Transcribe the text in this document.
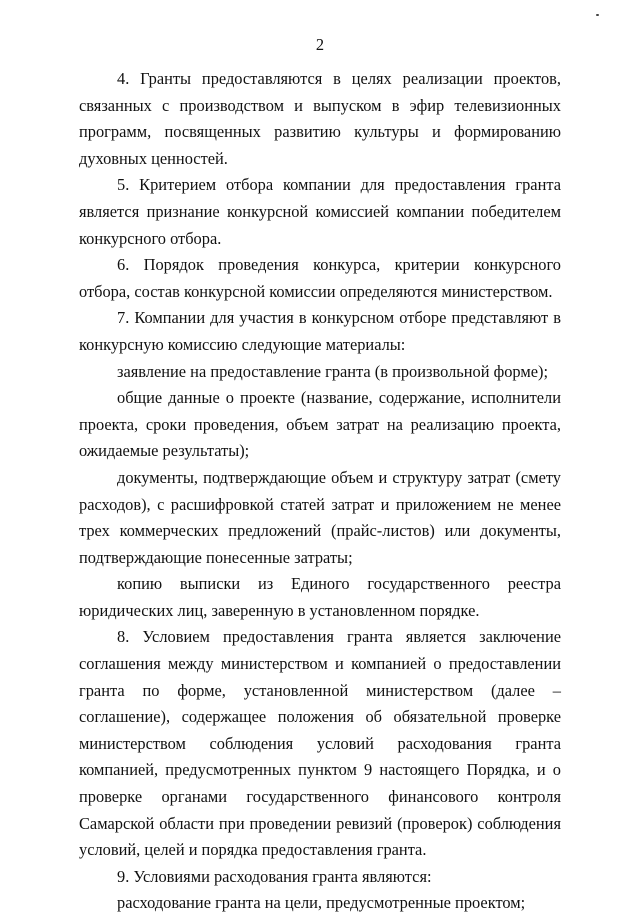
2

4. Гранты предоставляются в целях реализации проектов, связанных с производством и выпуском в эфир телевизионных программ, посвященных развитию культуры и формированию духовных ценностей.

5. Критерием отбора компании для предоставления гранта является признание конкурсной комиссией компании победителем конкурсного отбора.

6. Порядок проведения конкурса, критерии конкурсного отбора, состав конкурсной комиссии определяются министерством.

7. Компании для участия в конкурсном отборе представляют в конкурсную комиссию следующие материалы:

заявление на предоставление гранта (в произвольной форме);

общие данные о проекте (название, содержание, исполнители проекта, сроки проведения, объем затрат на реализацию проекта, ожидаемые результаты);

документы, подтверждающие объем и структуру затрат (смету расходов), с расшифровкой статей затрат и приложением не менее трех коммерческих предложений (прайс-листов) или документы, подтверждающие понесенные затраты;

копию выписки из Единого государственного реестра юридических лиц, заверенную в установленном порядке.

8. Условием предоставления гранта является заключение соглашения между министерством и компанией о предоставлении гранта по форме, установленной министерством (далее – соглашение), содержащее положения об обязательной проверке министерством соблюдения условий расходования гранта компанией, предусмотренных пунктом 9 настоящего Порядка, и о проверке органами государственного финансового контроля Самарской области при проведении ревизий (проверок) соблюдения условий, целей и порядка предоставления гранта.

9. Условиями расходования гранта являются:

расходование гранта на цели, предусмотренные проектом;
